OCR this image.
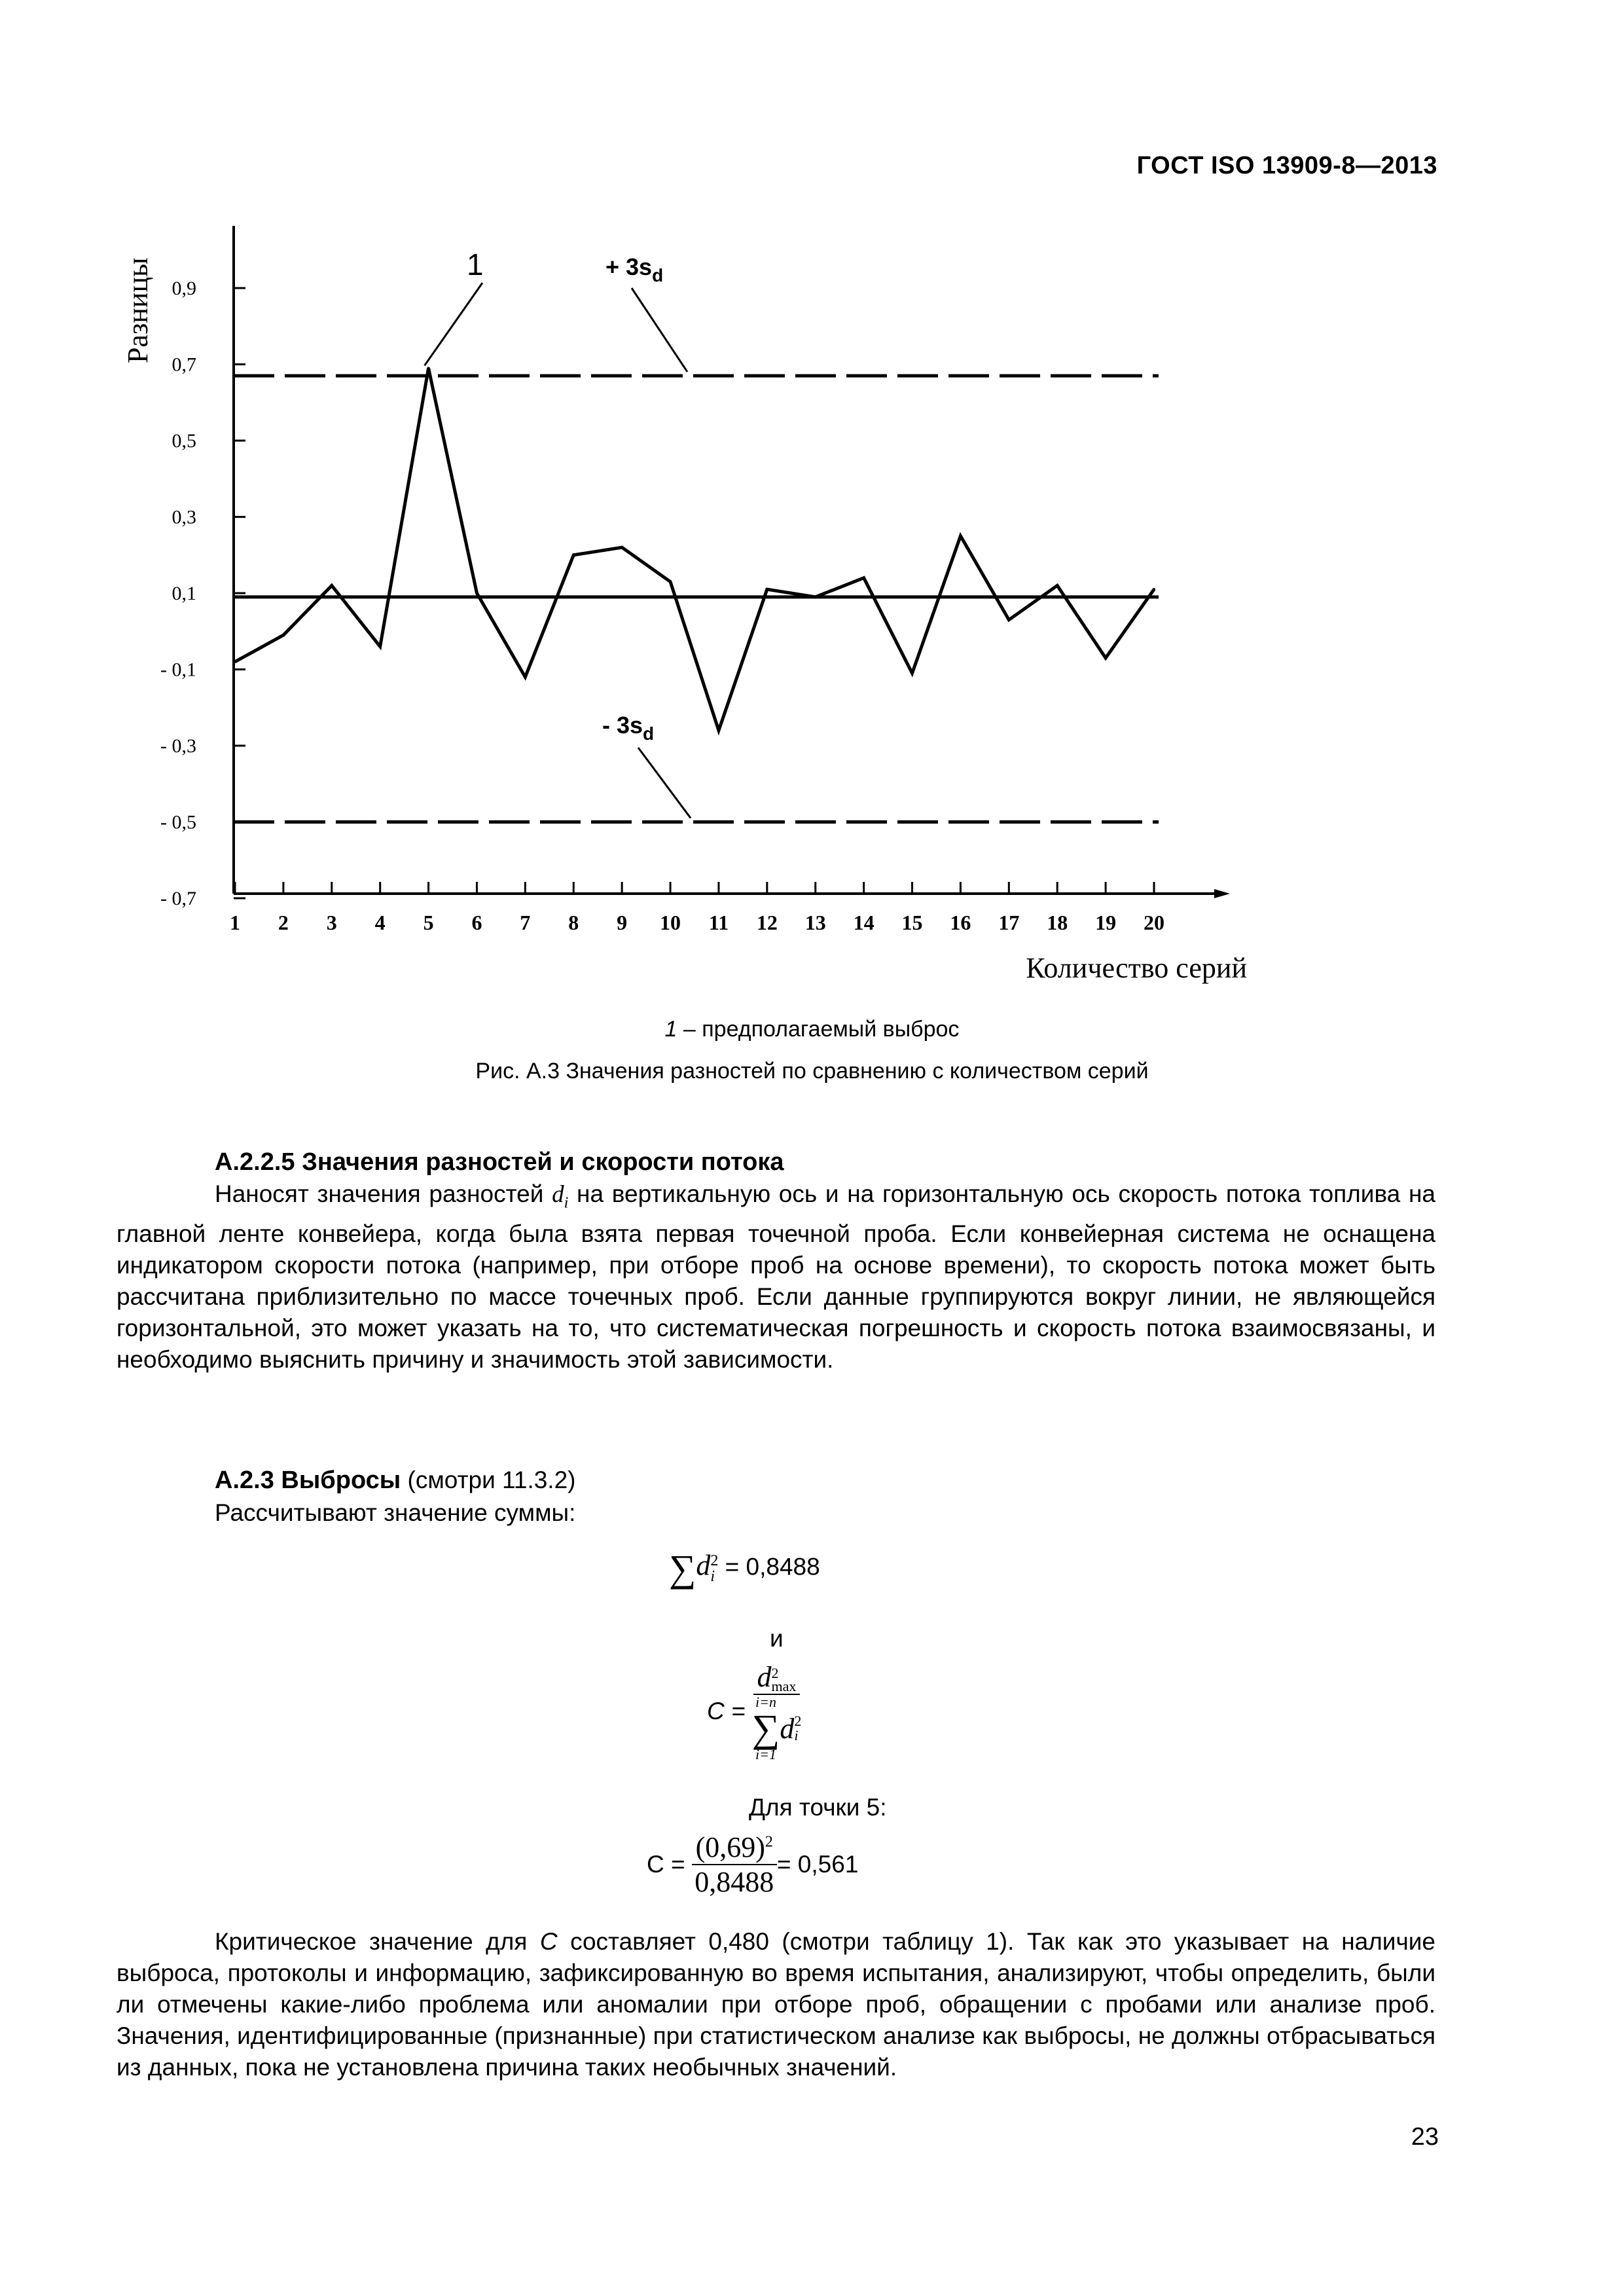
ГОСТ ISO 13909-8—2013
0,9
0,7
0,5
0,3
0,1
- 0,1
- 0,3
- 0,5
- 0,7
Разницы
1 2 3 4 5 6 7 8 9 10 11 12 13 14 15 16 17 18 19 20
Количество серий
+ $3s_d$
- $3s_d$
1
1 – предполагаемый выброс
Рис. А.3 Значения разностей по сравнению с количеством серий
А.2.2.5 Значения разностей и скорости потока

Наносят значения разностей $d_i$ на вертикальную ось и на горизонтальную ось скорость потока топлива на главной ленте конвейера, когда была взята первая точечной проба. Если конвейерная система не оснащена индикатором скорости потока (например, при отборе проб на основе времени), то скорость потока может быть рассчитана приблизительно по массе точечных проб. Если данные группируются вокруг линии, не являющейся горизонтальной, это может указать на то, что систематическая погрешность и скорость потока взаимосвязаны, и необходимо выяснить причину и значимость этой зависимости.

А.2.3 Выбросы (смотри 11.3.2)
Рассчитывают значение суммы:
∑d 2
i = 0,8488
и
C = d 2
max
i=n
∑
i=1
d 2
i
Для точки 5:
$С = \frac{(0,69)^2}{0,8488} = 0,561$

Критическое значение для C составляет 0,480 (смотри таблицу 1). Так как это указывает на наличие выброса, протоколы и информацию, зафиксированную во время испытания, анализируют, чтобы определить, были ли отмечены какие-либо проблема или аномалии при отборе проб, обращении с пробами или анализе проб. Значения, идентифицированные (признанные) при статистическом анализе как выбросы, не должны отбрасываться из данных, пока не установлена причина таких необычных значений.

23
